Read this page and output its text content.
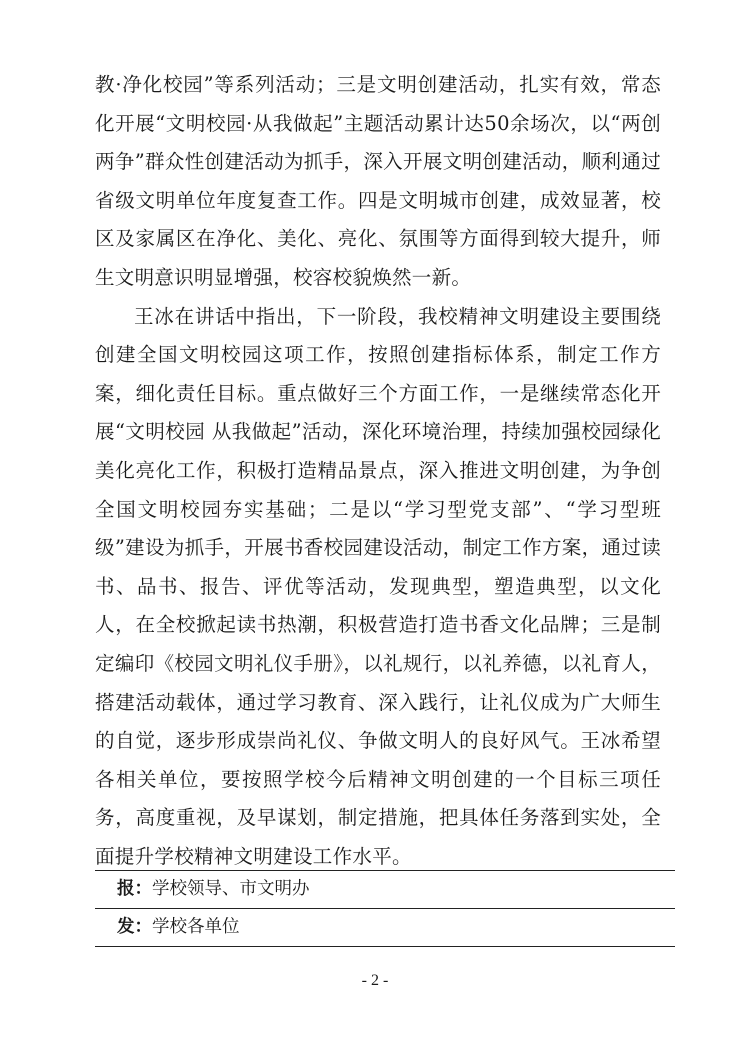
教·净化校园”等系列活动；三是文明创建活动，扎实有效，常态化开展“文明校园·从我做起”主题活动累计达50余场次，以“两创两争”群众性创建活动为抓手，深入开展文明创建活动，顺利通过省级文明单位年度复查工作。四是文明城市创建，成效显著，校区及家属区在净化、美化、亮化、氛围等方面得到较大提升，师生文明意识明显增强，校容校貌焕然一新。

王冰在讲话中指出，下一阶段，我校精神文明建设主要围绕创建全国文明校园这项工作，按照创建指标体系，制定工作方案，细化责任目标。重点做好三个方面工作，一是继续常态化开展“文明校园 从我做起”活动，深化环境治理，持续加强校园绿化美化亮化工作，积极打造精品景点，深入推进文明创建，为争创全国文明校园夯实基础；二是以“学习型党支部”、“学习型班级”建设为抓手，开展书香校园建设活动，制定工作方案，通过读书、品书、报告、评优等活动，发现典型，塑造典型，以文化人，在全校掀起读书热潮，积极营造打造书香文化品牌；三是制定编印《校园文明礼仪手册》，以礼规行，以礼养德，以礼育人，搭建活动载体，通过学习教育、深入践行，让礼仪成为广大师生的自觉，逐步形成崇尚礼仪、争做文明人的良好风气。王冰希望各相关单位，要按照学校今后精神文明创建的一个目标三项任务，高度重视，及早谋划，制定措施，把具体任务落到实处，全面提升学校精神文明建设工作水平。

报：学校领导、市文明办
发：学校各单位
- 2 -
